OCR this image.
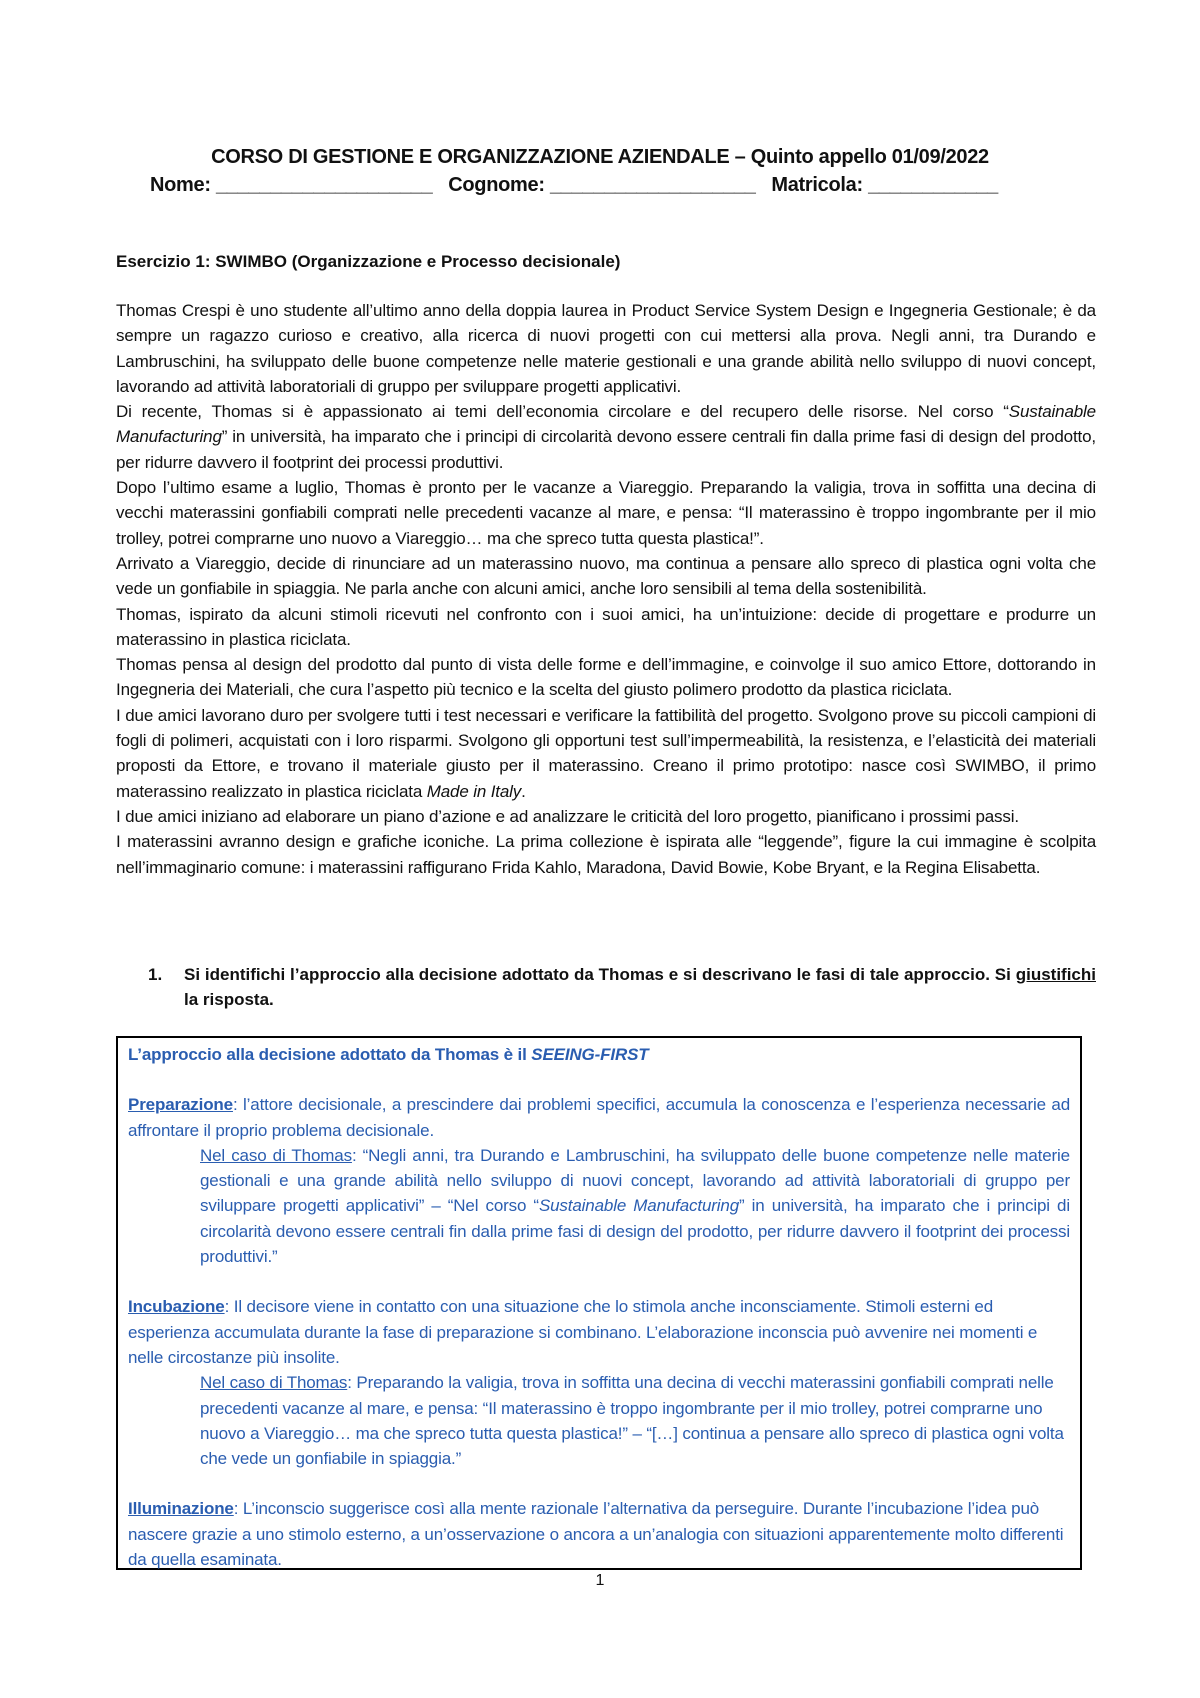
CORSO DI GESTIONE E ORGANIZZAZIONE AZIENDALE – Quinto appello 01/09/2022
Nome: ____________________   Cognome: ___________________   Matricola: ____________
Esercizio 1: SWIMBO (Organizzazione e Processo decisionale)

Thomas Crespi è uno studente all’ultimo anno della doppia laurea in Product Service System Design e Ingegneria Gestionale; è da sempre un ragazzo curioso e creativo, alla ricerca di nuovi progetti con cui mettersi alla prova. Negli anni, tra Durando e Lambruschini, ha sviluppato delle buone competenze nelle materie gestionali e una grande abilità nello sviluppo di nuovi concept, lavorando ad attività laboratoriali di gruppo per sviluppare progetti applicativi.

Di recente, Thomas si è appassionato ai temi dell’economia circolare e del recupero delle risorse. Nel corso “Sustainable Manufacturing” in università, ha imparato che i principi di circolarità devono essere centrali fin dalla prime fasi di design del prodotto, per ridurre davvero il footprint dei processi produttivi.

Dopo l’ultimo esame a luglio, Thomas è pronto per le vacanze a Viareggio. Preparando la valigia, trova in soffitta una decina di vecchi materassini gonfiabili comprati nelle precedenti vacanze al mare, e pensa: “Il materassino è troppo ingombrante per il mio trolley, potrei comprarne uno nuovo a Viareggio… ma che spreco tutta questa plastica!”.

Arrivato a Viareggio, decide di rinunciare ad un materassino nuovo, ma continua a pensare allo spreco di plastica ogni volta che vede un gonfiabile in spiaggia. Ne parla anche con alcuni amici, anche loro sensibili al tema della sostenibilità.

Thomas, ispirato da alcuni stimoli ricevuti nel confronto con i suoi amici, ha un’intuizione: decide di progettare e produrre un materassino in plastica riciclata.

Thomas pensa al design del prodotto dal punto di vista delle forme e dell’immagine, e coinvolge il suo amico Ettore, dottorando in Ingegneria dei Materiali, che cura l’aspetto più tecnico e la scelta del giusto polimero prodotto da plastica riciclata.

I due amici lavorano duro per svolgere tutti i test necessari e verificare la fattibilità del progetto. Svolgono prove su piccoli campioni di fogli di polimeri, acquistati con i loro risparmi. Svolgono gli opportuni test sull’impermeabilità, la resistenza, e l’elasticità dei materiali proposti da Ettore, e trovano il materiale giusto per il materassino. Creano il primo prototipo: nasce così SWIMBO, il primo materassino realizzato in plastica riciclata Made in Italy.

I due amici iniziano ad elaborare un piano d’azione e ad analizzare le criticità del loro progetto, pianificano i prossimi passi.

I materassini avranno design e grafiche iconiche. La prima collezione è ispirata alle “leggende”, figure la cui immagine è scolpita nell’immaginario comune: i materassini raffigurano Frida Kahlo, Maradona, David Bowie, Kobe Bryant, e la Regina Elisabetta.

1.	Si identifichi l’approccio alla decisione adottato da Thomas e si descrivano le fasi di tale approccio. Si giustifichi la risposta.

L’approccio alla decisione adottato da Thomas è il SEEING-FIRST

Preparazione: l’attore decisionale, a prescindere dai problemi specifici, accumula la conoscenza e l’esperienza necessarie ad affrontare il proprio problema decisionale.

Nel caso di Thomas: “Negli anni, tra Durando e Lambruschini, ha sviluppato delle buone competenze nelle materie gestionali e una grande abilità nello sviluppo di nuovi concept, lavorando ad attività laboratoriali di gruppo per sviluppare progetti applicativi” – “Nel corso “Sustainable Manufacturing” in università, ha imparato che i principi di circolarità devono essere centrali fin dalla prime fasi di design del prodotto, per ridurre davvero il footprint dei processi produttivi.”

Incubazione: Il decisore viene in contatto con una situazione che lo stimola anche inconsciamente. Stimoli esterni ed esperienza accumulata durante la fase di preparazione si combinano. L’elaborazione inconscia può avvenire nei momenti e nelle circostanze più insolite.

Nel caso di Thomas: Preparando la valigia, trova in soffitta una decina di vecchi materassini gonfiabili comprati nelle precedenti vacanze al mare, e pensa: “Il materassino è troppo ingombrante per il mio trolley, potrei comprarne uno nuovo a Viareggio… ma che spreco tutta questa plastica!” – “[…] continua a pensare allo spreco di plastica ogni volta che vede un gonfiabile in spiaggia.”

Illuminazione: L’inconscio suggerisce così alla mente razionale l’alternativa da perseguire. Durante l’incubazione l’idea può nascere grazie a uno stimolo esterno, a un’osservazione o ancora a un’analogia con situazioni apparentemente molto differenti da quella esaminata.

1
